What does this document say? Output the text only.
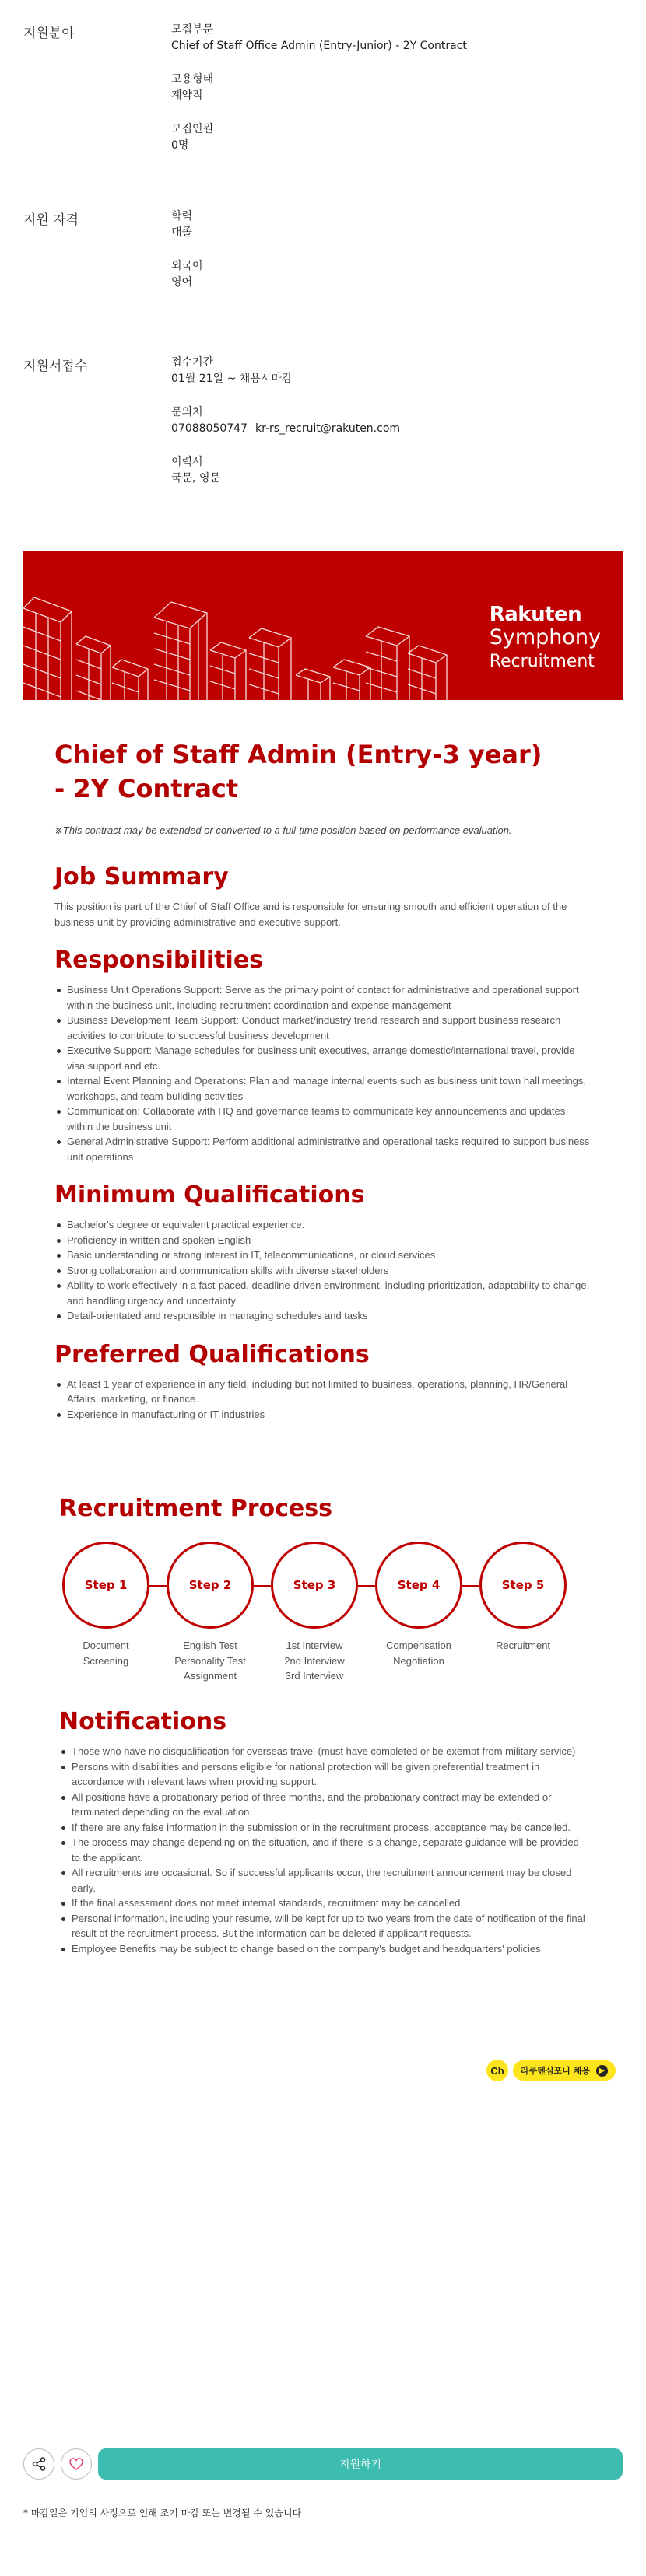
지원분야	모집부문
Chief of Staff Office Admin (Entry-Junior) - 2Y Contract
고용형태
계약직
모집인원
0명
지원 자격	학력
대졸
외국어
영어
지원서접수	접수기간
01월 21일 ~ 채용시마감
문의처
07088050747 kr-rs_recruit@rakuten.com
이력서
국문, 영문
Rakuten
Symphony
Recruitment
Chief of Staff Admin (Entry-3 year)
- 2Y Contract
※This contract may be extended or converted to a full-time position based on performance evaluation.
Job Summary

This position is part of the Chief of Staff Office and is responsible for ensuring smooth and efficient operation of the business unit by providing administrative and executive support.

Responsibilities
Business Unit Operations Support: Serve as the primary point of contact for administrative and operational support within the business unit, including recruitment coordination and expense management
Business Development Team Support: Conduct market/industry trend research and support business research activities to contribute to successful business development
Executive Support: Manage schedules for business unit executives, arrange domestic/international travel, provide visa support and etc.
Internal Event Planning and Operations: Plan and manage internal events such as business unit town hall meetings, workshops, and team-building activities
Communication: Collaborate with HQ and governance teams to communicate key announcements and updates within the business unit
General Administrative Support: Perform additional administrative and operational tasks required to support business unit operations
Minimum Qualifications
Bachelor's degree or equivalent practical experience.
Proficiency in written and spoken English
Basic understanding or strong interest in IT, telecommunications, or cloud services
Strong collaboration and communication skills with diverse stakeholders
Ability to work effectively in a fast-paced, deadline-driven environment, including prioritization, adaptability to change, and handling urgency and uncertainty
Detail-orientated and responsible in managing schedules and tasks
Preferred Qualifications
At least 1 year of experience in any field, including but not limited to business, operations, planning, HR/General Affairs, marketing, or finance.
Experience in manufacturing or IT industries
Recruitment Process
Step 1
Document
Screening
Step 2
English Test
Personality Test
Assignment
Step 3
1st Interview
2nd Interview
3rd Interview
Step 4
Compensation
Negotiation
Step 5
Recruitment
Notifications
Those who have no disqualification for overseas travel (must have completed or be exempt from military service)
Persons with disabilities and persons eligible for national protection will be given preferential treatment in accordance with relevant laws when providing support.
All positions have a probationary period of three months, and the probationary contract may be extended or terminated depending on the evaluation.
If there are any false information in the submission or in the recruitment process, acceptance may be cancelled.
The process may change depending on the situation, and if there is a change, separate guidance will be provided to the applicant.
All recruitments are occasional. So if successful applicants occur, the recruitment announcement may be closed early.
If the final assessment does not meet internal standards, recruitment may be cancelled.
Personal information, including your resume, will be kept for up to two years from the date of notification of the final result of the recruitment process. But the information can be deleted if applicant requests.
Employee Benefits may be subject to change based on the company's budget and headquarters' policies.
Ch	라쿠텐심포니 채용	▶
지원하기
* 마감일은 기업의 사정으로 인해 조기 마감 또는 변경될 수 있습니다
